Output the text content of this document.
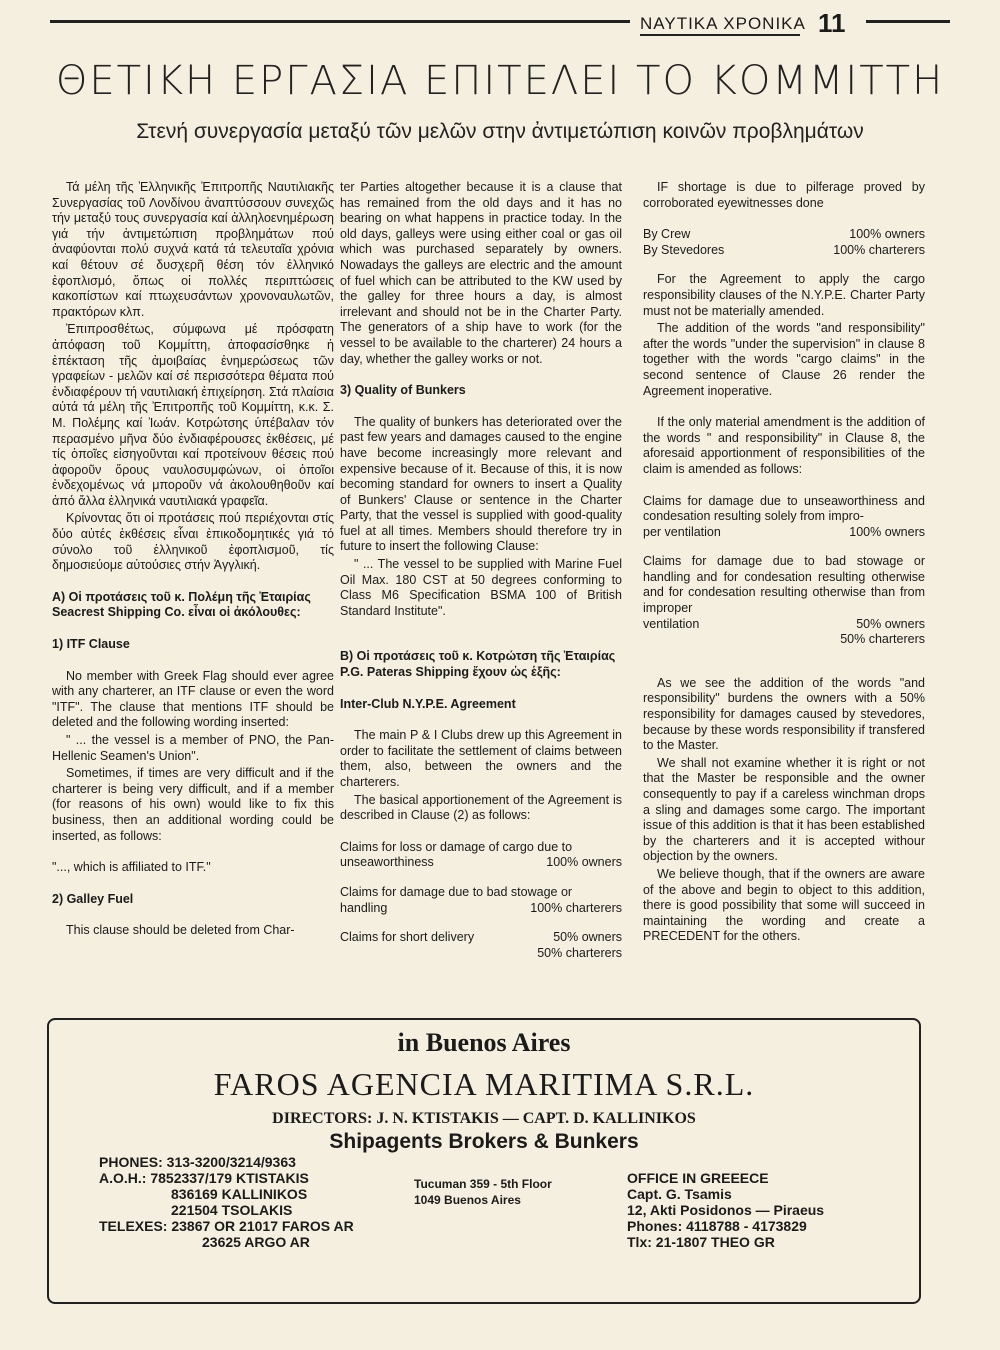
ΝΑΥΤΙΚΑ ΧΡΟΝΙΚΑ 11
ΘΕΤΙΚΗ ΕΡΓΑΣΙΑ ΕΠΙΤΕΛΕΙ ΤΟ ΚΟΜΜΙΤΤΗ
Στενή συνεργασία μεταξύ τῶν μελῶν στην ἀντιμετώπιση κοινῶν προβλημάτων

Τά μέλη τῆς Ἑλληνικῆς Ἐπιτροπῆς Ναυτιλιακῆς Συνεργασίας τοῦ Λονδίνου ἀναπτύσσουν συνεχῶς τήν μεταξύ τους συνεργασία καί ἀλληλοενημέρωση γιά τήν ἀντιμετώπιση προβλημάτων πού ἀναφύονται πολύ συχνά κατά τά τελευταῖα χρόνια καί θέτουν σέ δυσχερῆ θέση τόν ἑλληνικό ἐφοπλισμό, ὅπως οἱ πολλές περιπτώσεις κακοπίστων καί πτωχευσάντων χρονοναυλωτῶν, πρακτόρων κλπ.

Ἐπιπροσθέτως, σύμφωνα μέ πρόσφατη ἀπόφαση τοῦ Κομμίττη, ἀποφασίσθηκε ἡ ἐπέκταση τῆς ἀμοιβαίας ἐνημερώσεως τῶν γραφείων - μελῶν καί σέ περισσότερα θέματα πού ἐνδιαφέρουν τή ναυτιλιακή ἐπιχείρηση. Στά πλαίσια αὐτά τά μέλη τῆς Ἐπιτροπῆς τοῦ Κομμίττη, κ.κ. Σ. Μ. Πολέμης καί Ἰωάν. Κοτρώτσης ὑπέβαλαν τόν περασμένο μῆνα δύο ἐνδιαφέρουσες ἐκθέσεις, μέ τίς ὁποῖες εἰσηγοῦνται καί προτείνουν θέσεις πού ἀφοροῦν ὅρους ναυλοσυμφώνων, οἱ ὁποῖοι ἐνδεχομένως νά μποροῦν νά ἀκολουθηθοῦν καί ἀπό ἄλλα ἑλληνικά ναυτιλιακά γραφεῖα.

Κρίνοντας ὅτι οἱ προτάσεις πού περιέχονται στίς δύο αὐτές ἐκθέσεις εἶναι ἐπικοδομητικές γιά τό σύνολο τοῦ ἑλληνικοῦ ἐφοπλισμοῦ, τίς δημοσιεύομε αὐτούσιες στήν Ἀγγλική.

Α) Οἱ προτάσεις τοῦ κ. Πολέμη τῆς Ἑταιρίας Seacrest Shipping Co. εἶναι οἱ ἀκόλουθες:

1) ITF Clause

No member with Greek Flag should ever agree with any charterer, an ITF clause or even the word "ITF". The clause that mentions ITF should be deleted and the following wording inserted:

" ... the vessel is a member of PNO, the Pan-Hellenic Seamen's Union".

Sometimes, if times are very difficult and if the charterer is being very difficult, and if a member (for reasons of his own) would like to fix this business, then an additional wording could be inserted, as follows:

"..., which is affiliated to ITF."

2) Galley Fuel

This clause should be deleted from Char-

ter Parties altogether because it is a clause that has remained from the old days and it has no bearing on what happens in practice today. In the old days, galleys were using either coal or gas oil which was purchased separately by owners. Nowadays the galleys are electric and the amount of fuel which can be attributed to the KW used by the galley for three hours a day, is almost irrelevant and should not be in the Charter Party. The generators of a ship have to work (for the vessel to be available to the charterer) 24 hours a day, whether the galley works or not.

3) Quality of Bunkers

The quality of bunkers has deteriorated over the past few years and damages caused to the engine have become increasingly more relevant and expensive because of it. Because of this, it is now becoming standard for owners to insert a Quality of Bunkers' Clause or sentence in the Charter Party, that the vessel is supplied with good-quality fuel at all times. Members should therefore try in future to insert the following Clause:

" ... The vessel to be supplied with Marine Fuel Oil Max. 180 CST at 50 degrees conforming to Class M6 Specification BSMA 100 of British Standard Institute".

Β) Οἱ προτάσεις τοῦ κ. Κοτρώτση τῆς Ἑταιρίας P.G. Pateras Shipping ἔχουν ὡς ἑξῆς:

Inter-Club N.Y.P.E. Agreement

The main P & I Clubs drew up this Agreement in order to facilitate the settlement of claims between them, also, between the owners and the charterers.

The basical apportionement of the Agreement is described in Clause (2) as follows:

Claims for loss or damage of cargo due to
unseaworthiness	100% owners
Claims for damage due to bad stowage or
handling	100% charterers
Claims for short delivery	50% owners
50% charterers

IF shortage is due to pilferage proved by corroborated eyewitnesses done

By Crew	100% owners
By Stevedores	100% charterers

For the Agreement to apply the cargo responsibility clauses of the N.Y.P.E. Charter Party must not be materially amended.

The addition of the words "and responsibility" after the words "under the supervision" in clause 8 together with the words "cargo claims" in the second sentence of Clause 26 render the Agreement inoperative.

If the only material amendment is the addition of the words " and responsibility" in Clause 8, the aforesaid apportionment of responsibilities of the claim is amended as follows:

Claims for damage due to unseaworthiness and condesation resulting solely from impro-
per ventilation	100% owners
Claims for damage due to bad stowage or handling and for condesation resulting otherwise and for condesation resulting otherwise than from improper
ventilation	50% owners
50% charterers

As we see the addition of the words "and responsibility" burdens the owners with a 50% responsibility for damages caused by stevedores, because by these words responsibility if transfered to the Master.

We shall not examine whether it is right or not that the Master be responsible and the owner consequently to pay if a careless winchman drops a sling and damages some cargo. The important issue of this addition is that it has been established by the charterers and it is accepted withour objection by the owners.

We believe though, that if the owners are aware of the above and begin to object to this addition, there is good possibility that some will succeed in maintaining the wording and create a PRECEDENT for the others.

in Buenos Aires
FAROS AGENCIA MARITIMA S.R.L.
DIRECTORS: J. N. KTISTAKIS — CAPT. D. KALLINIKOS
Shipagents Brokers & Bunkers
PHONES: 313-3200/3214/9363
A.O.H.: 7852337/179 KTISTAKIS
836169 KALLINIKOS
221504 TSOLAKIS
TELEXES: 23867 OR 21017 FAROS AR
23625 ARGO AR
Tucuman 359 - 5th Floor
1049 Buenos Aires
OFFICE IN GREEECE
Capt. G. Tsamis
12, Akti Posidonos — Piraeus
Phones: 4118788 - 4173829
Tlx: 21-1807 THEO GR
